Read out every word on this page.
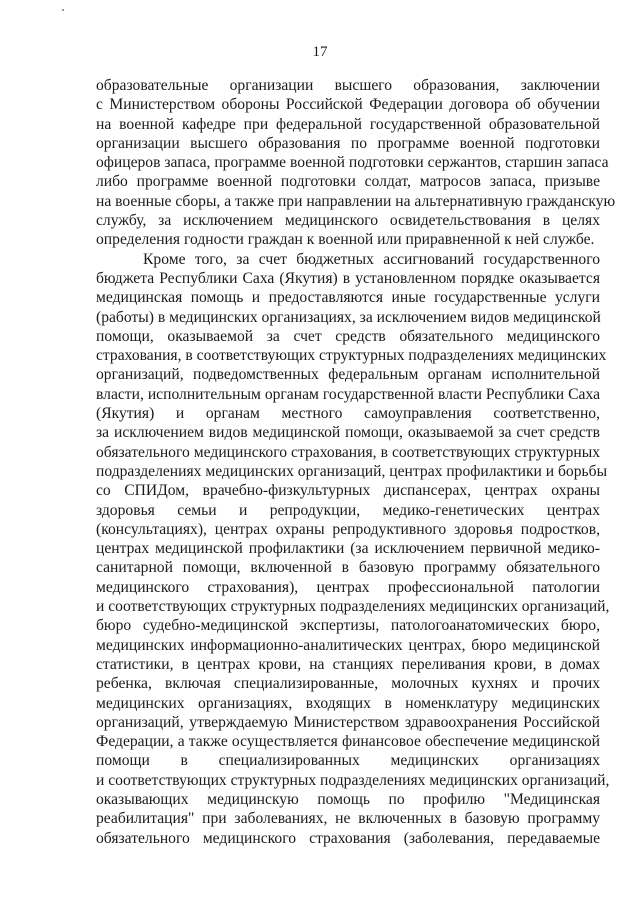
17
образовательные организации высшего образования, заключении
с Министерством обороны Российской Федерации договора об обучении
на военной кафедре при федеральной государственной образовательной
организации высшего образования по программе военной подготовки
офицеров запаса, программе военной подготовки сержантов, старшин запаса
либо программе военной подготовки солдат, матросов запаса, призыве
на военные сборы, а также при направлении на альтернативную гражданскую
службу, за исключением медицинского освидетельствования в целях
определения годности граждан к военной или приравненной к ней службе.
Кроме того, за счет бюджетных ассигнований государственного
бюджета Республики Саха (Якутия) в установленном порядке оказывается
медицинская помощь и предоставляются иные государственные услуги
(работы) в медицинских организациях, за исключением видов медицинской
помощи, оказываемой за счет средств обязательного медицинского
страхования, в соответствующих структурных подразделениях медицинских
организаций, подведомственных федеральным органам исполнительной
власти, исполнительным органам государственной власти Республики Саха
(Якутия) и органам местного самоуправления соответственно,
за исключением видов медицинской помощи, оказываемой за счет средств
обязательного медицинского страхования, в соответствующих структурных
подразделениях медицинских организаций, центрах профилактики и борьбы
со СПИДом, врачебно-физкультурных диспансерах, центрах охраны
здоровья семьи и репродукции, медико-генетических центрах
(консультациях), центрах охраны репродуктивного здоровья подростков,
центрах медицинской профилактики (за исключением первичной медико-
санитарной помощи, включенной в базовую программу обязательного
медицинского страхования), центрах профессиональной патологии
и соответствующих структурных подразделениях медицинских организаций,
бюро судебно-медицинской экспертизы, патологоанатомических бюро,
медицинских информационно-аналитических центрах, бюро медицинской
статистики, в центрах крови, на станциях переливания крови, в домах
ребенка, включая специализированные, молочных кухнях и прочих
медицинских организациях, входящих в номенклатуру медицинских
организаций, утверждаемую Министерством здравоохранения Российской
Федерации, а также осуществляется финансовое обеспечение медицинской
помощи в специализированных медицинских организациях
и соответствующих структурных подразделениях медицинских организаций,
оказывающих медицинскую помощь по профилю "Медицинская
реабилитация" при заболеваниях, не включенных в базовую программу
обязательного медицинского страхования (заболевания, передаваемые
